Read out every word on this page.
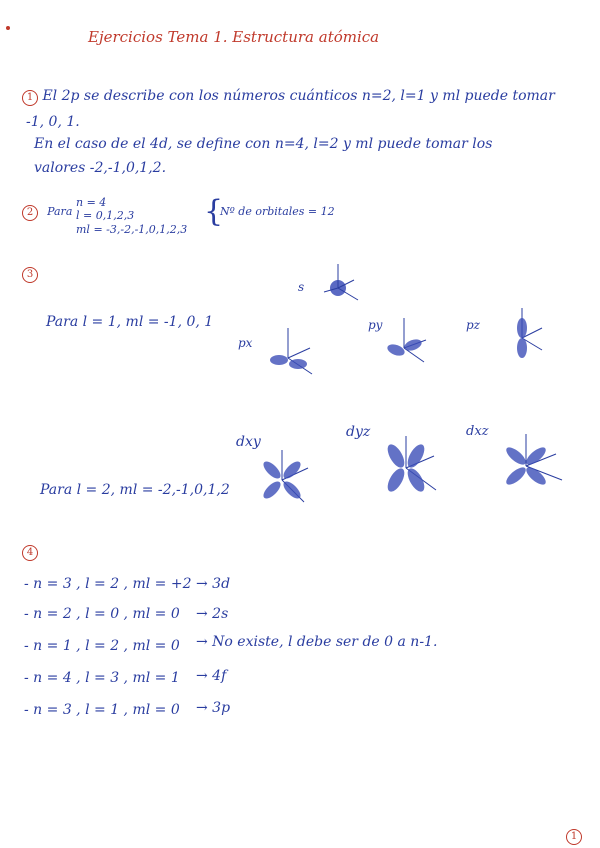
Ejercicios Tema 1. Estructura atómica
1 El 2p se describe con los números cuánticos n=2, l=1 y ml puede tomar
-1, 0, 1.
En el caso de el 4d, se define con n=4, l=2 y ml puede tomar los
valores -2,-1,0,1,2.
2 Para
n = 4
l = 0,1,2,3
ml = -3,-2,-1,0,1,2,3
{
Nº de orbitales = 12
3
Para l = 1, ml = -1, 0, 1
Para l = 2, ml = -2,-1,0,1,2
s
px
py	pz
dxy
dyz	dxz
4
- n = 3 , l = 2 , ml = +2 → 3d
- n = 2 , l = 0 , ml = 0 → 2s
- n = 1 , l = 2 , ml = 0 → No existe, l debe ser de 0 a n-1.
- n = 4 , l = 3 , ml = 1 → 4f
- n = 3 , l = 1 , ml = 0 → 3p
1
